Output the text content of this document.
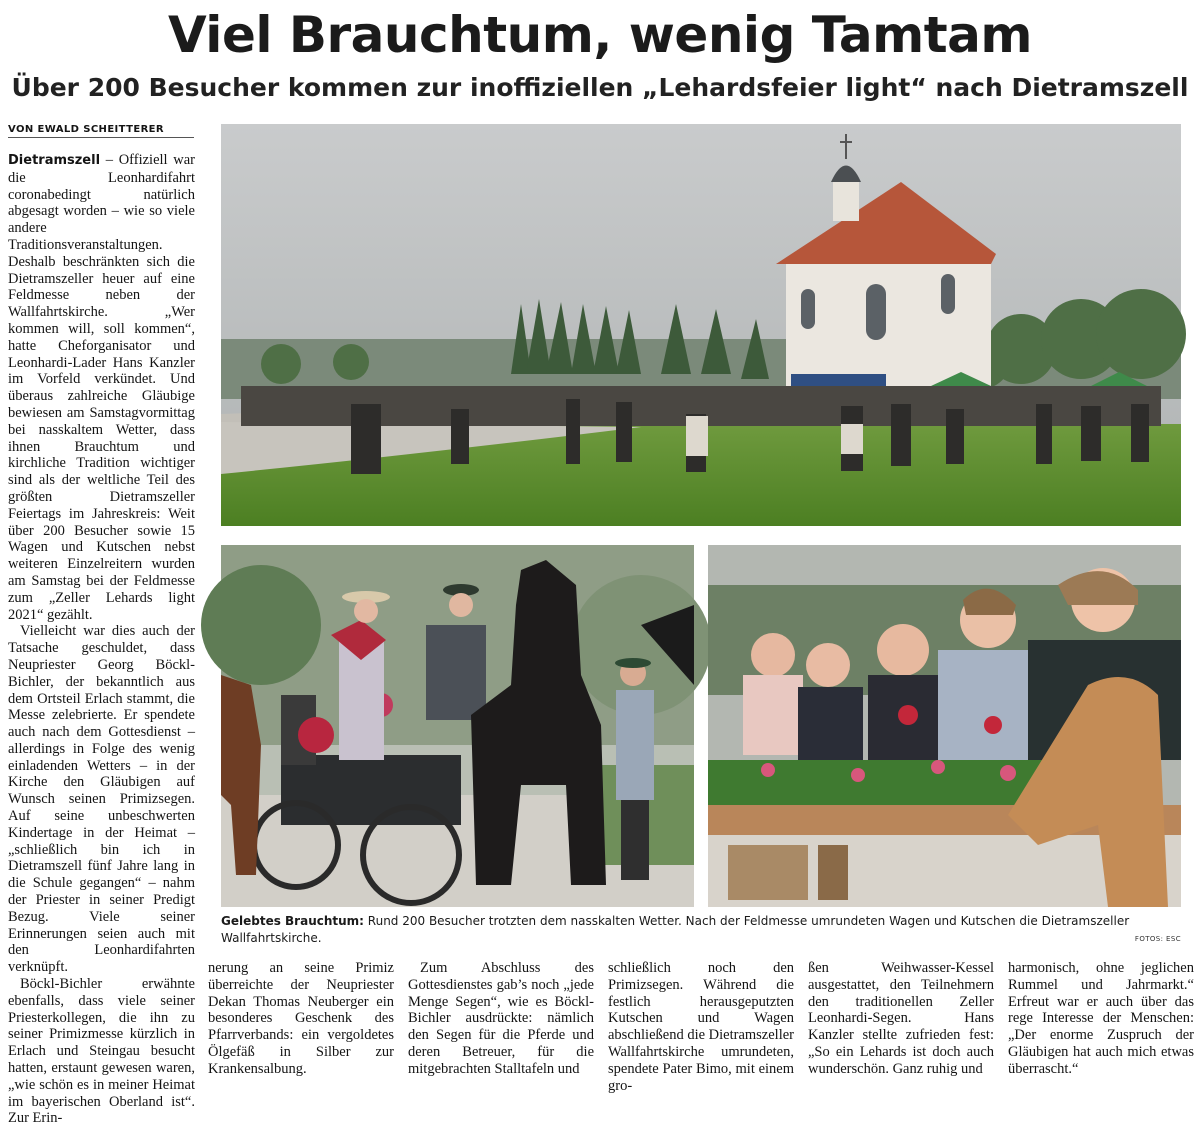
Viel Brauchtum, wenig Tamtam
Über 200 Besucher kommen zur inoffiziellen „Lehardsfeier light“ nach Dietramszell
VON EWALD SCHEITTERER

Dietramszell – Offiziell war die Leonhardifahrt coronabedingt natürlich abgesagt worden – wie so viele andere Traditionsveranstaltungen. Deshalb beschränkten sich die Dietramszeller heuer auf eine Feldmesse neben der Wallfahrtskirche. „Wer kommen will, soll kommen“, hatte Cheforganisator und Leonhardi-Lader Hans Kanzler im Vorfeld verkündet. Und überaus zahlreiche Gläubige bewiesen am Samstagvormittag bei nasskaltem Wetter, dass ihnen Brauchtum und kirchliche Tradition wichtiger sind als der weltliche Teil des größten Dietramszeller Feiertags im Jahreskreis: Weit über 200 Besucher sowie 15 Wagen und Kutschen nebst weiteren Einzelreitern wurden am Samstag bei der Feldmesse zum „Zeller Lehards light 2021“ gezählt.

Vielleicht war dies auch der Tatsache geschuldet, dass Neupriester Georg Böckl-Bichler, der bekanntlich aus dem Ortsteil Erlach stammt, die Messe zelebrierte. Er spendete auch nach dem Gottesdienst – allerdings in Folge des wenig einladenden Wetters – in der Kirche den Gläubigen auf Wunsch seinen Primizsegen. Auf seine unbeschwerten Kindertage in der Heimat – „schließlich bin ich in Dietramszell fünf Jahre lang in die Schule gegangen“ – nahm der Priester in seiner Predigt Bezug. Viele seiner Erinnerungen seien auch mit den Leonhardifahrten verknüpft.

Böckl-Bichler erwähnte ebenfalls, dass viele seiner Priesterkollegen, die ihn zu seiner Primizmesse kürzlich in Erlach und Steingau besucht hatten, erstaunt gewesen waren, „wie schön es in meiner Heimat im bayerischen Oberland ist“. Zur Erin-

Gelebtes Brauchtum: Rund 200 Besucher trotzten dem nasskalten Wetter. Nach der Feldmesse umrundeten Wagen und Kutschen die Dietramszeller Wallfahrtskirche.	FOTOS: ESC

nerung an seine Primiz überreichte der Neupriester Dekan Thomas Neuberger ein besonderes Geschenk des Pfarrverbands: ein vergoldetes Ölgefäß in Silber zur Krankensalbung.

Zum Abschluss des Gottesdienstes gab’s noch „jede Menge Segen“, wie es Böckl-Bichler ausdrückte: nämlich den Segen für die Pferde und deren Betreuer, für die mitgebrachten Stalltafeln und

schließlich noch den Primizsegen. Während die festlich herausgeputzten Kutschen und Wagen abschließend die Dietramszeller Wallfahrtskirche umrundeten, spendete Pater Bimo, mit einem gro-

ßen Weihwasser-Kessel ausgestattet, den Teilnehmern den traditionellen Zeller Leonhardi-Segen. Hans Kanzler stellte zufrieden fest: „So ein Lehards ist doch auch wunderschön. Ganz ruhig und

harmonisch, ohne jeglichen Rummel und Jahrmarkt.“ Erfreut war er auch über das rege Interesse der Menschen: „Der enorme Zuspruch der Gläubigen hat auch mich etwas überrascht.“
